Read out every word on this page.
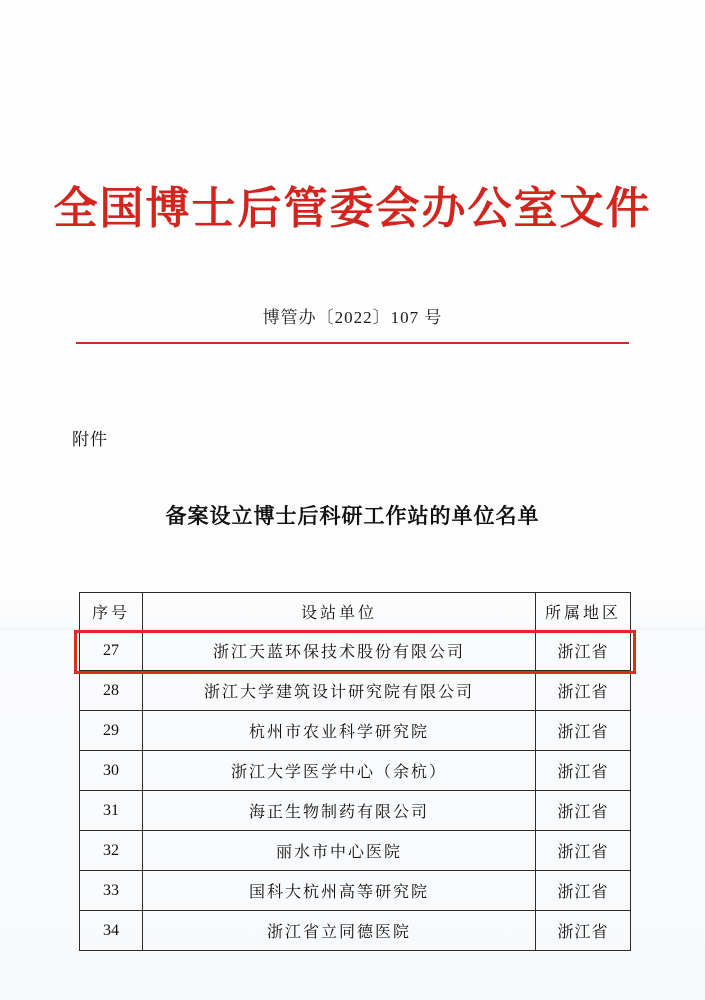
全国博士后管委会办公室文件
博管办〔2022〕107 号
附件
备案设立博士后科研工作站的单位名单
序号	设站单位	所属地区
27	浙江天蓝环保技术股份有限公司	浙江省
28	浙江大学建筑设计研究院有限公司	浙江省
29	杭州市农业科学研究院	浙江省
30	浙江大学医学中心（余杭）	浙江省
31	海正生物制药有限公司	浙江省
32	丽水市中心医院	浙江省
33	国科大杭州高等研究院	浙江省
34	浙江省立同德医院	浙江省
